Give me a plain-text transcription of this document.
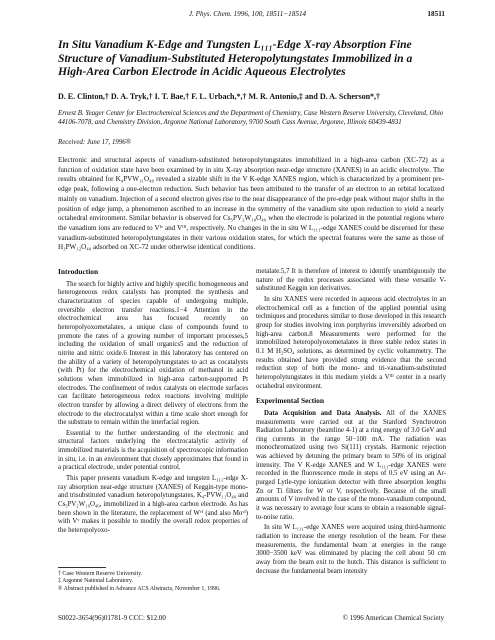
J. Phys. Chem. 1996, 100, 18511−18514	18511
In Situ Vanadium K-Edge and Tungsten L₁₁₁-Edge X-ray Absorption Fine Structure of Vanadium-Substituted Heteropolytungstates Immobilized in a High-Area Carbon Electrode in Acidic Aqueous Electrolytes
D. E. Clinton,† D. A. Tryk,† I. T. Bae,† F. L. Urbach,*,† M. R. Antonio,‡ and D. A. Scherson*,†
Ernest B. Yeager Center for Electrochemical Sciences and the Department of Chemistry, Case Western Reserve University, Cleveland, Ohio 44106-7078, and Chemistry Division, Argonne National Laboratory, 9700 South Cass Avenue, Argonne, Illinois 60439-4831
Received: June 17, 1996®
Electronic and structural aspects of vanadium-substituted heteropolytungstates immobilized in a high-area carbon (XC-72) as a function of oxidation state have been examined by in situ X-ray absorption near-edge structure (XANES) in an acidic electrolyte. The results obtained for K₄PVW₁₁O₄₀ revealed a sizable shift in the V K-edge XANES region, which is characterized by a prominent pre-edge peak, following a one-electron reduction. Such behavior has been attributed to the transfer of an electron to an orbital localized mainly on vanadium. Injection of a second electron gives rise to the near disappearance of the pre-edge peak without major shifts in the position of edge jump, a phenomenon ascribed to an increase in the symmetry of the vanadium site upon reduction to yield a nearly octahedral environment. Similar behavior is observed for Cs₅PV₂W₁₀O₄₀ when the electrode is polarized in the potential regions where the vanadium ions are reduced to Vᴵᵛ and Vᴵᴵᴵ, respectively. No changes in the in situ W L₁₁₁-edge XANES could be discerned for these vanadium-substituted heteropolytungstates in their various oxidation states, for which the spectral features were the same as those of H₃PW₁₂O₄₀ adsorbed on XC-72 under otherwise identical conditions.
Introduction

The search for highly active and highly specific homogeneous and heterogeneous redox catalysts has prompted the synthesis and characterization of species capable of undergoing multiple, reversible electron transfer reactions.1−4 Attention in the electrochemical area has focused recently on heteropolyoxometalates, a unique class of compounds found to promote the rates of a growing number of important processes,5 including the oxidation of small organics5 and the reduction of nitrite and nitric oxide.6 Interest in this laboratory has centered on the ability of a variety of heteropolytungstates to act as cocatalysts (with Pt) for the electrochemical oxidation of methanol in acid solutions when immobilized in high-area carbon-supported Pt electrodes. The confinement of redox catalysts on electrode surfaces can facilitate heterogeneous redox reactions involving multiple electron transfer by allowing a direct delivery of electrons from the electrode to the electrocatalyst within a time scale short enough for the substrate to remain within the interfacial region.

Essential to the further understanding of the electronic and structural factors underlying the electrocatalytic activity of immobilized materials is the acquisition of spectroscopic information in situ, i.e. in an environment that closely approximates that found in a practical electrode, under potential control.

This paper presents vanadium K-edge and tungsten L₁₁₁-edge X-ray absorption near-edge structure (XANES) of Keggin-type mono- and trisubstituted vanadium heteropolytungstates, K₄-PVW₁₁O₄₀ and Cs₅PV₂W₁₀O₄₀, immobilized in a high-area carbon electrode. As has been shown in the literature, the replacement of Wᵛᴵ (and also Moᵛᴵ) with Vᵛ makes it possible to modify the overall redox properties of the heteropolyoxo-

metalate.5,7 It is therefore of interest to identify unambiguously the nature of the redox processes associated with these versatile V-substituted Keggin ion derivatives.

In situ XANES were recorded in aqueous acid electrolytes in an electrochemical cell as a function of the applied potential using techniques and procedures similar to those developed in this research group for studies involving iron porphyrins irreversibly adsorbed on high-area carbon.8 Measurements were performed for the immobilized heteropolyoxometalates in three stable redox states in 0.1 M H₂SO₄ solutions, as determined by cyclic voltammetry. The results obtained have provided strong evidence that the second reduction step of both the mono- and tri-vanadium-substituted heteropolytungstates in this medium yields a Vᴵᴵᴵ center in a nearly octahedral environment.

Experimental Section

Data Acquisition and Data Analysis. All of the XANES measurements were carried out at the Stanford Synchrotron Radiation Laboratory (beamline 4-1) at a ring energy of 3.0 GeV and ring currents in the range 50−100 mA. The radiation was monochromatized using two Si(111) crystals. Harmonic rejection was achieved by detuning the primary beam to 50% of its original intensity. The V K-edge XANES and W L₁₁₁-edge XANES were recorded in the fluorescence mode in steps of 0.5 eV using an Ar-purged Lytle-type ionization detector with three absorption lengths Zn or Ti filters for W or V, respectively. Because of the small amounts of V involved in the case of the mono-vanadium compound, it was necessary to average four scans to obtain a reasonable signal-to-noise ratio.

In situ W L₁₁₁-edge XANES were acquired using third-harmonic radiation to increase the energy resolution of the beam. For these measurements, the fundamental beam at energies in the range 3000−3500 keV was eliminated by placing the cell about 50 cm away from the beam exit to the hutch. This distance is sufficient to decrease the fundamental beam intensity

† Case Western Reserve University.
‡ Argonne National Laboratory.
® Abstract published in Advance ACS Abstracts, November 1, 1996.
S0022-3654(96)01781-9 CCC: $12.00	© 1996 American Chemical Society
